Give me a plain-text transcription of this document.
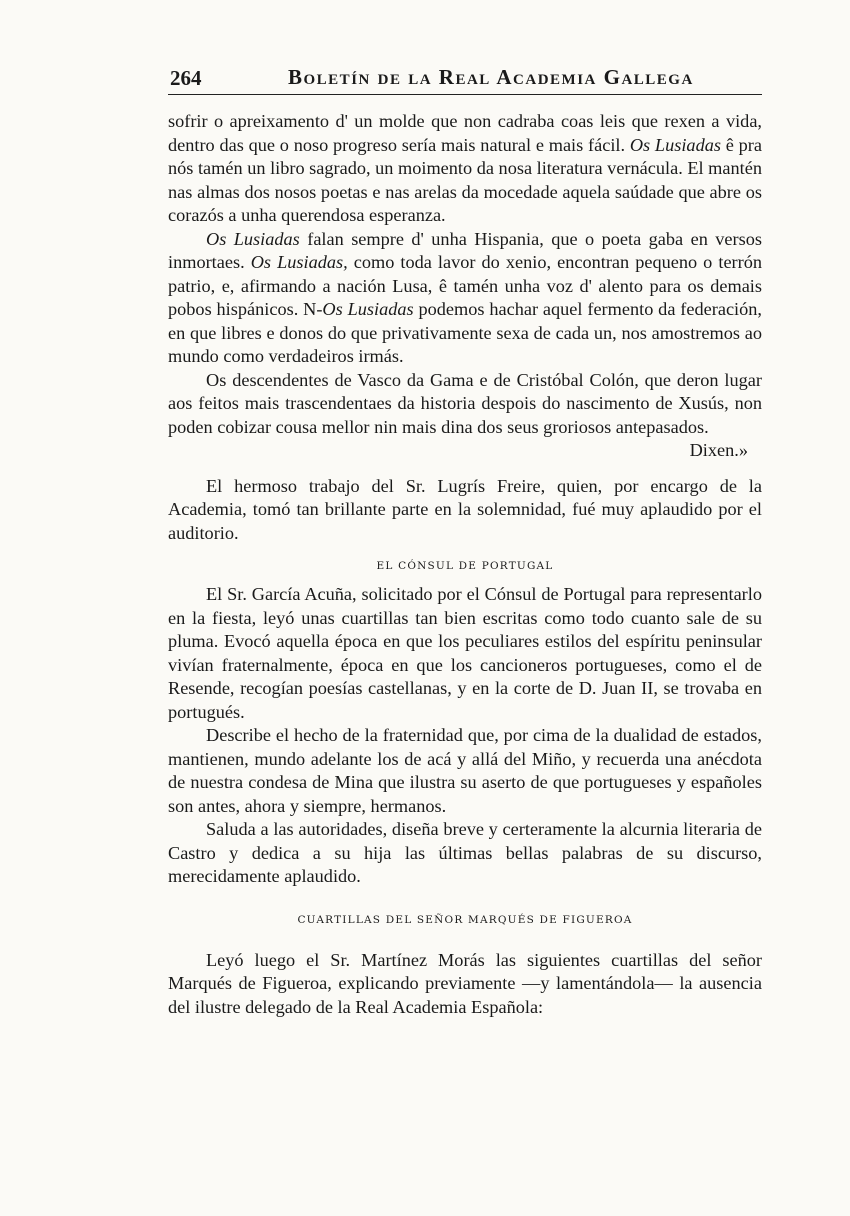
264	Boletín de la Real Academia Gallega

sofrir o apreixamento d' un molde que non cadraba coas leis que rexen a vida, dentro das que o noso progreso sería mais natural e mais fácil. Os Lusiadas ê pra nós tamén un libro sagrado, un moimento da nosa literatura vernácula. El mantén nas almas dos nosos poetas e nas arelas da mocedade aquela saúdade que abre os corazós a unha querendosa esperanza.

Os Lusiadas falan sempre d' unha Hispania, que o poeta gaba en versos inmortaes. Os Lusiadas, como toda lavor do xenio, encontran pequeno o terrón patrio, e, afirmando a nación Lusa, ê tamén unha voz d' alento para os demais pobos hispánicos. N-Os Lusiadas podemos hachar aquel fermento da federación, en que libres e donos do que privativamente sexa de cada un, nos amostremos ao mundo como verdadeiros irmás.

Os descendentes de Vasco da Gama e de Cristóbal Colón, que deron lugar aos feitos mais trascendentaes da historia despois do nascimento de Xusús, non poden cobizar cousa mellor nin mais dina dos seus groriosos antepasados.

Dixen.»

El hermoso trabajo del Sr. Lugrís Freire, quien, por encargo de la Academia, tomó tan brillante parte en la solemnidad, fué muy aplaudido por el auditorio.

EL CÓNSUL DE PORTUGAL

El Sr. García Acuña, solicitado por el Cónsul de Portugal para representarlo en la fiesta, leyó unas cuartillas tan bien escritas como todo cuanto sale de su pluma. Evocó aquella época en que los peculiares estilos del espíritu peninsular vivían fraternalmente, época en que los cancioneros portugueses, como el de Resende, recogían poesías castellanas, y en la corte de D. Juan II, se trovaba en portugués.

Describe el hecho de la fraternidad que, por cima de la dualidad de estados, mantienen, mundo adelante los de acá y allá del Miño, y recuerda una anécdota de nuestra condesa de Mina que ilustra su aserto de que portugueses y españoles son antes, ahora y siempre, hermanos.

Saluda a las autoridades, diseña breve y certeramente la alcurnia literaria de Castro y dedica a su hija las últimas bellas palabras de su discurso, merecidamente aplaudido.

CUARTILLAS DEL SEÑOR MARQUÉS DE FIGUEROA

Leyó luego el Sr. Martínez Morás las siguientes cuartillas del señor Marqués de Figueroa, explicando previamente —y lamentándola— la ausencia del ilustre delegado de la Real Academia Española:
